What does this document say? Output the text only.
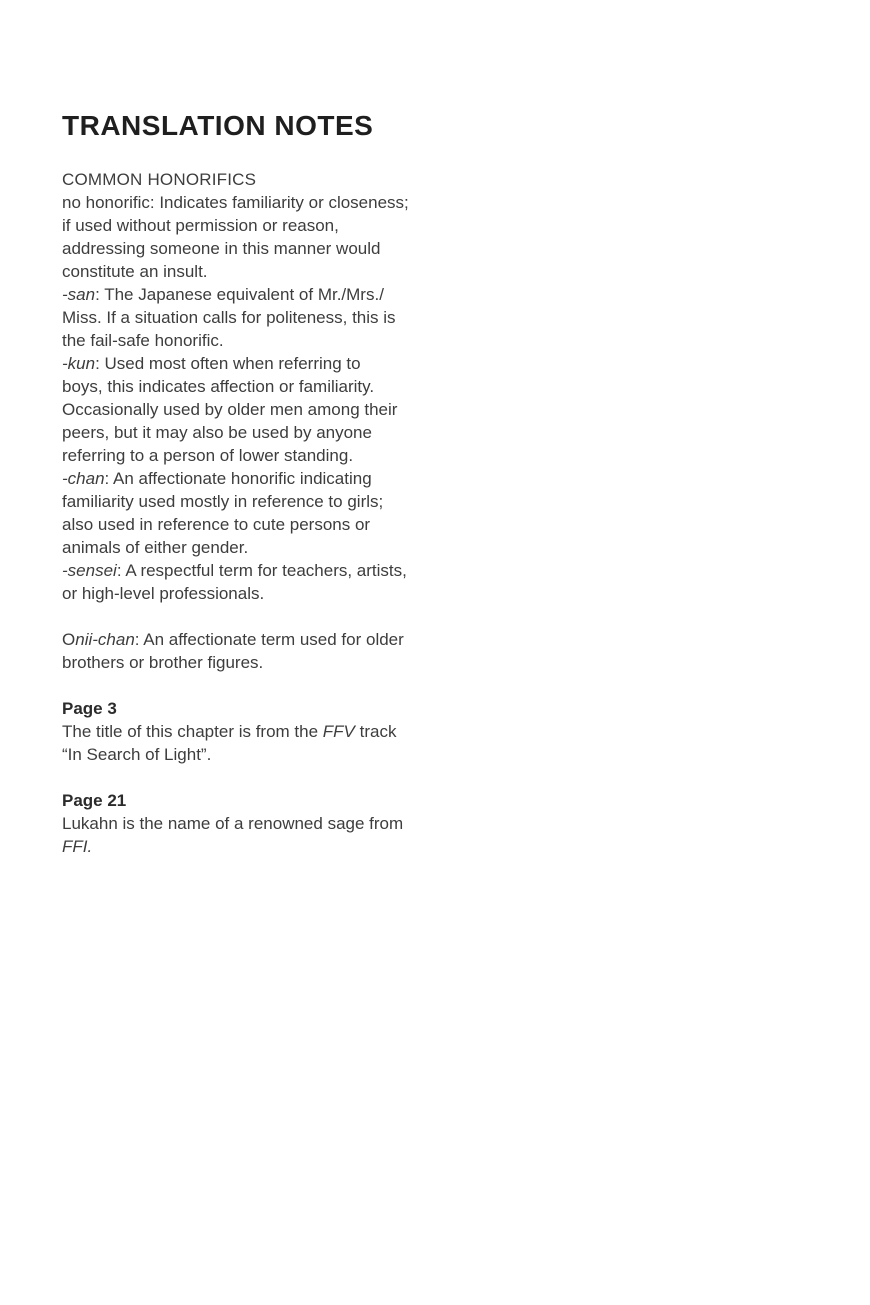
TRANSLATION NOTES
COMMON HONORIFICS
no honorific: Indicates familiarity or closeness;
if used without permission or reason,
addressing someone in this manner would
constitute an insult.
-san: The Japanese equivalent of Mr./Mrs./
Miss. If a situation calls for politeness, this is
the fail-safe honorific.
-kun: Used most often when referring to
boys, this indicates affection or familiarity.
Occasionally used by older men among their
peers, but it may also be used by anyone
referring to a person of lower standing.
-chan: An affectionate honorific indicating
familiarity used mostly in reference to girls;
also used in reference to cute persons or
animals of either gender.
-sensei: A respectful term for teachers, artists,
or high-level professionals.
Onii-chan: An affectionate term used for older
brothers or brother figures.
Page 3
The title of this chapter is from the FFV track
“In Search of Light”.
Page 21
Lukahn is the name of a renowned sage from
FFI.
